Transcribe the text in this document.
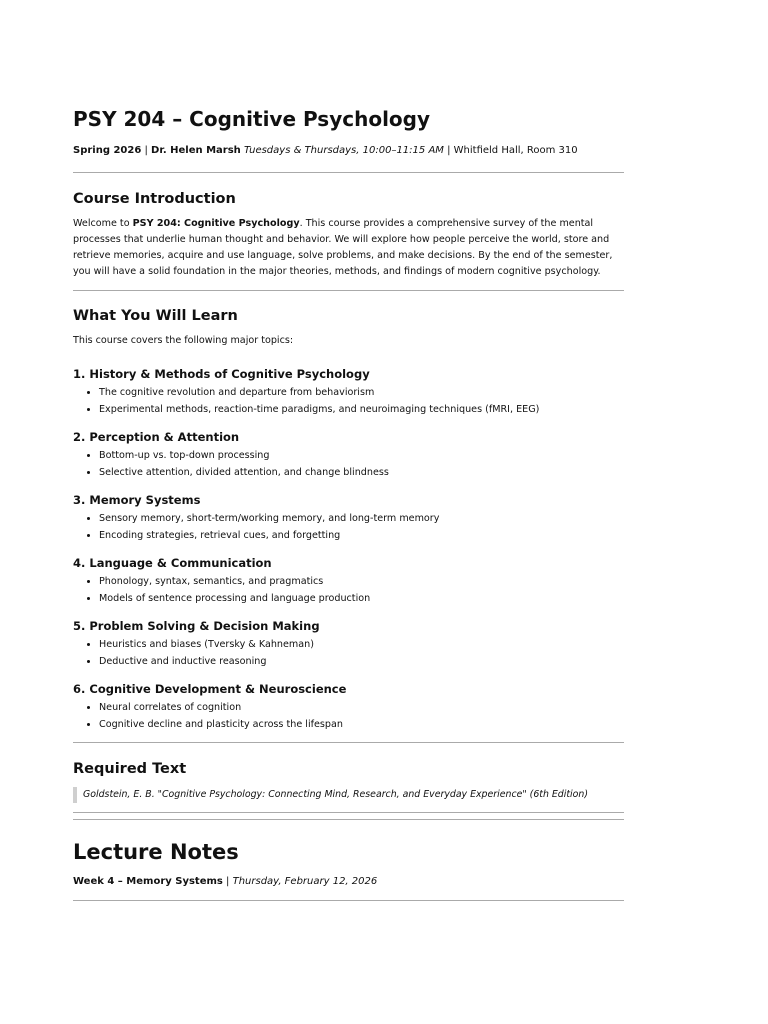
PSY 204 – Cognitive Psychology
Spring 2026 | Dr. Helen Marsh Tuesdays & Thursdays, 10:00–11:15 AM | Whitfield Hall, Room 310
Course Introduction

Welcome to PSY 204: Cognitive Psychology. This course provides a comprehensive survey of the mental processes that underlie human thought and behavior. We will explore how people perceive the world, store and retrieve memories, acquire and use language, solve problems, and make decisions. By the end of the semester, you will have a solid foundation in the major theories, methods, and findings of modern cognitive psychology.

What You Will Learn

This course covers the following major topics:

1. History & Methods of Cognitive Psychology
• The cognitive revolution and departure from behaviorism
• Experimental methods, reaction-time paradigms, and neuroimaging techniques (fMRI, EEG)
2. Perception & Attention
• Bottom-up vs. top-down processing
• Selective attention, divided attention, and change blindness
3. Memory Systems
• Sensory memory, short-term/working memory, and long-term memory
• Encoding strategies, retrieval cues, and forgetting
4. Language & Communication
• Phonology, syntax, semantics, and pragmatics
• Models of sentence processing and language production
5. Problem Solving & Decision Making
• Heuristics and biases (Tversky & Kahneman)
• Deductive and inductive reasoning
6. Cognitive Development & Neuroscience
• Neural correlates of cognition
• Cognitive decline and plasticity across the lifespan
Required Text
Goldstein, E. B. "Cognitive Psychology: Connecting Mind, Research, and Everyday Experience" (6th Edition)
Lecture Notes
Week 4 – Memory Systems | Thursday, February 12, 2026
